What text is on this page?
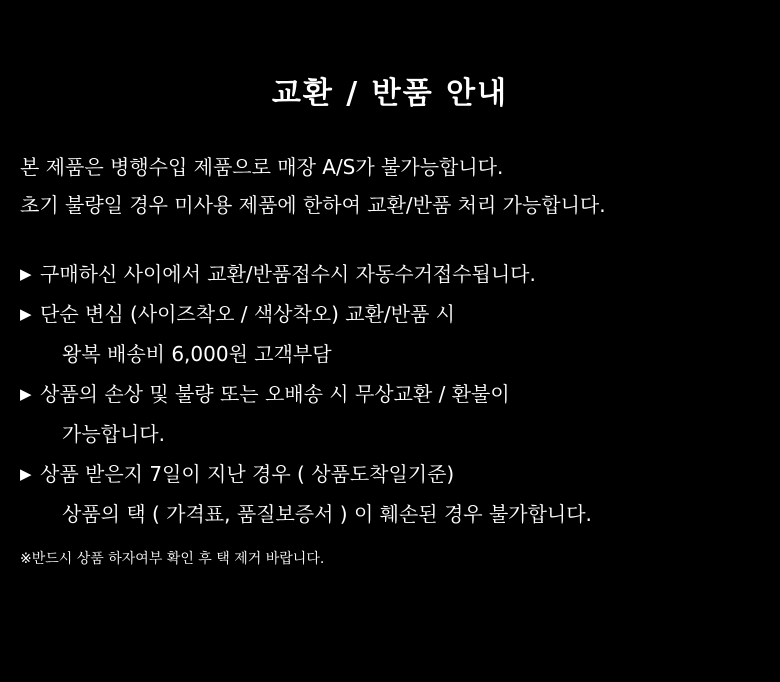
교환 / 반품 안내
본 제품은 병행수입 제품으로 매장 A/S가 불가능합니다.
초기 불량일 경우 미사용 제품에 한하여 교환/반품 처리 가능합니다.
▶ 구매하신 사이에서 교환/반품접수시 자동수거접수됩니다.
▶ 단순 변심 (사이즈착오 / 색상착오) 교환/반품 시
왕복 배송비 6,000원 고객부담
▶ 상품의 손상 및 불량 또는 오배송 시 무상교환 / 환불이
가능합니다.
▶ 상품 받은지 7일이 지난 경우 ( 상품도착일기준)
상품의 택 ( 가격표, 품질보증서 ) 이 훼손된 경우 불가합니다.
※반드시 상품 하자여부 확인 후 택 제거 바랍니다.
